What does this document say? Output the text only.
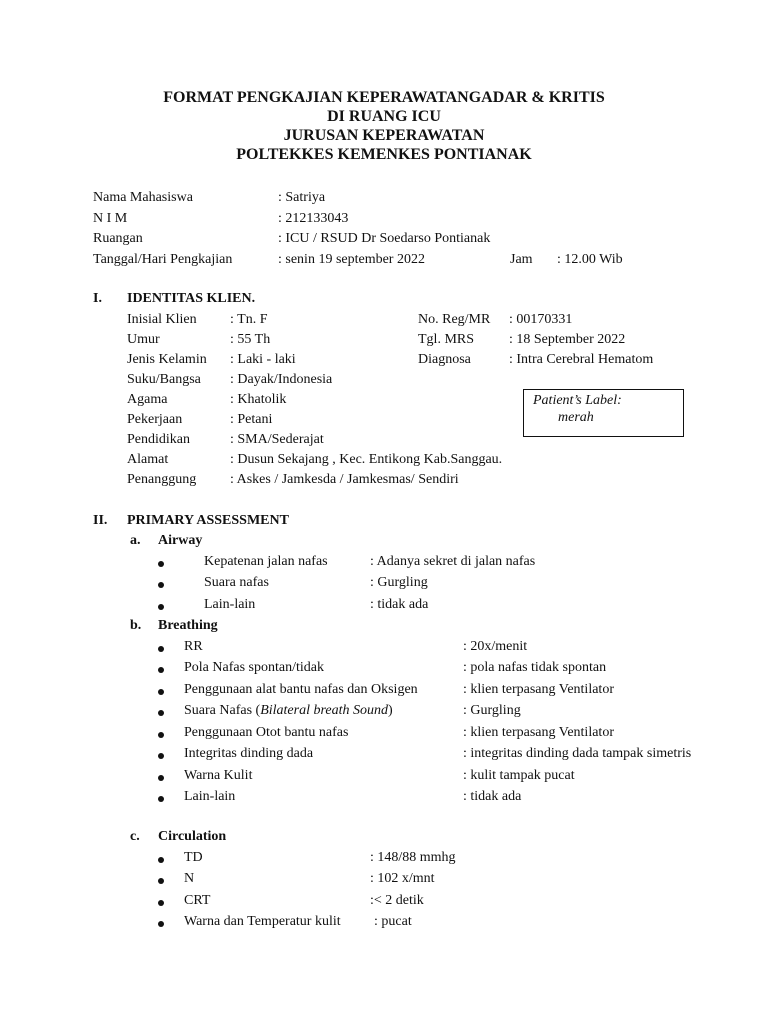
FORMAT PENGKAJIAN KEPERAWATANGADAR & KRITIS
DI RUANG ICU
JURUSAN KEPERAWATAN
POLTEKKES KEMENKES PONTIANAK
Nama Mahasiswa	: Satriya
N I M	: 212133043
Ruangan	: ICU / RSUD Dr Soedarso Pontianak
Tanggal/Hari Pengkajian	: senin 19 september 2022	Jam : 12.00 Wib
I. IDENTITAS KLIEN.
Inisial Klien : Tn. F
Umur	: 55 Th
Jenis Kelamin : Laki - laki
Suku/Bangsa : Dayak/Indonesia
Agama	: Khatolik
Pekerjaan	: Petani
Pendidikan	: SMA/Sederajat
Alamat	: Dusun Sekajang , Kec. Entikong Kab.Sanggau.
Penanggung : Askes / Jamkesda / Jamkesmas/ Sendiri
No. Reg/MR : 00170331
Tgl. MRS : 18 September 2022
Diagnosa	: Intra Cerebral Hematom
Patient’s Label:
merah
II. PRIMARY ASSESSMENT
a. Airway
Kepatenan jalan nafas	: Adanya sekret di jalan nafas
Suara nafas	: Gurgling
Lain-lain	: tidak ada
b. Breathing
RR	: 20x/menit
Pola Nafas spontan/tidak	: pola nafas tidak spontan
Penggunaan alat bantu nafas dan Oksigen	: klien terpasang Ventilator
Suara Nafas (Bilateral breath Sound)	: Gurgling
Penggunaan Otot bantu nafas	: klien terpasang Ventilator
Integritas dinding dada	: integritas dinding dada tampak simetris
Warna Kulit	: kulit tampak pucat
Lain-lain	: tidak ada
c. Circulation
TD	: 148/88 mmhg
N	: 102 x/mnt
CRT	:< 2 detik
Warna dan Temperatur kulit : pucat
